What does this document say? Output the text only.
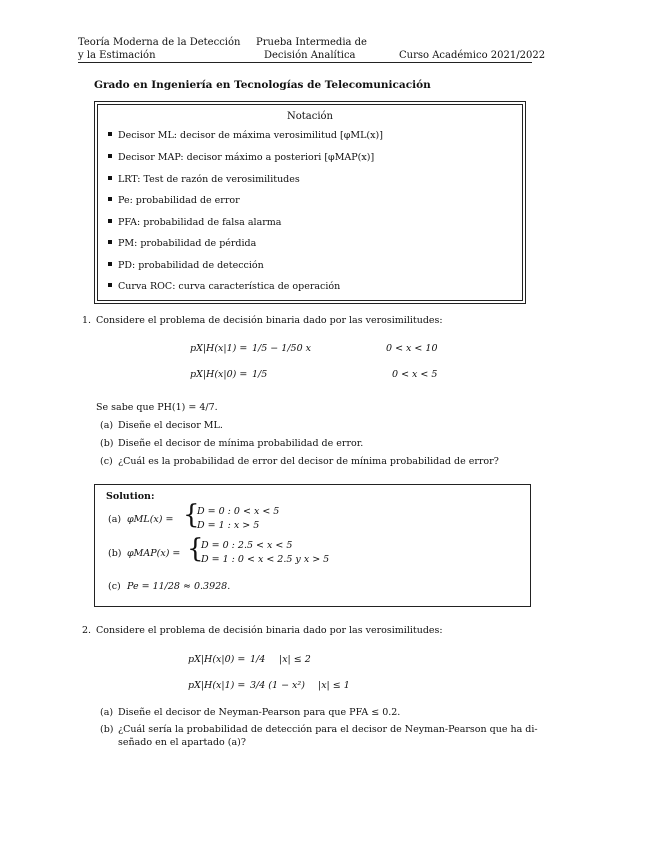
Teoría Moderna de la Detección
y la Estimación
Prueba Intermedia de
Decisión Analítica	Curso Académico 2021/2022
Grado en Ingeniería en Tecnologías de Telecomunicación
Notación
Decisor ML: decisor de máxima verosimilitud [φML(x)]
Decisor MAP: decisor máximo a posteriori [φMAP(x)]
LRT: Test de razón de verosimilitudes
Pe: probabilidad de error
PFA: probabilidad de falsa alarma
PM: probabilidad de pérdida
PD: probabilidad de detección
Curva ROC: curva característica de operación
1. Considere el problema de decisión binaria dado por las verosimilitudes:
pX|H(x|1) = 1/5 − 1/50 x	0 < x < 10
pX|H(x|0) = 1/5	0 < x < 5
Se sabe que PH(1) = 4/7.
(a) Diseñe el decisor ML.
(b) Diseñe el decisor de mínima probabilidad de error.
(c) ¿Cuál es la probabilidad de error del decisor de mínima probabilidad de error?
Solution:
(a) φML(x) = {
D = 0 : 0 < x < 5
D = 1 : x > 5
(b) φMAP(x) = {
D = 0 : 2.5 < x < 5
D = 1 : 0 < x < 2.5 y x > 5
(c) Pe = 11/28 ≈ 0.3928.
2. Considere el problema de decisión binaria dado por las verosimilitudes:
pX|H(x|0) = 1/4 |x| ≤ 2
pX|H(x|1) = 3/4 (1 − x²) |x| ≤ 1
(a) Diseñe el decisor de Neyman-Pearson para que PFA ≤ 0.2.
(b) ¿Cuál sería la probabilidad de detección para el decisor de Neyman-Pearson que ha di-
señado en el apartado (a)?
